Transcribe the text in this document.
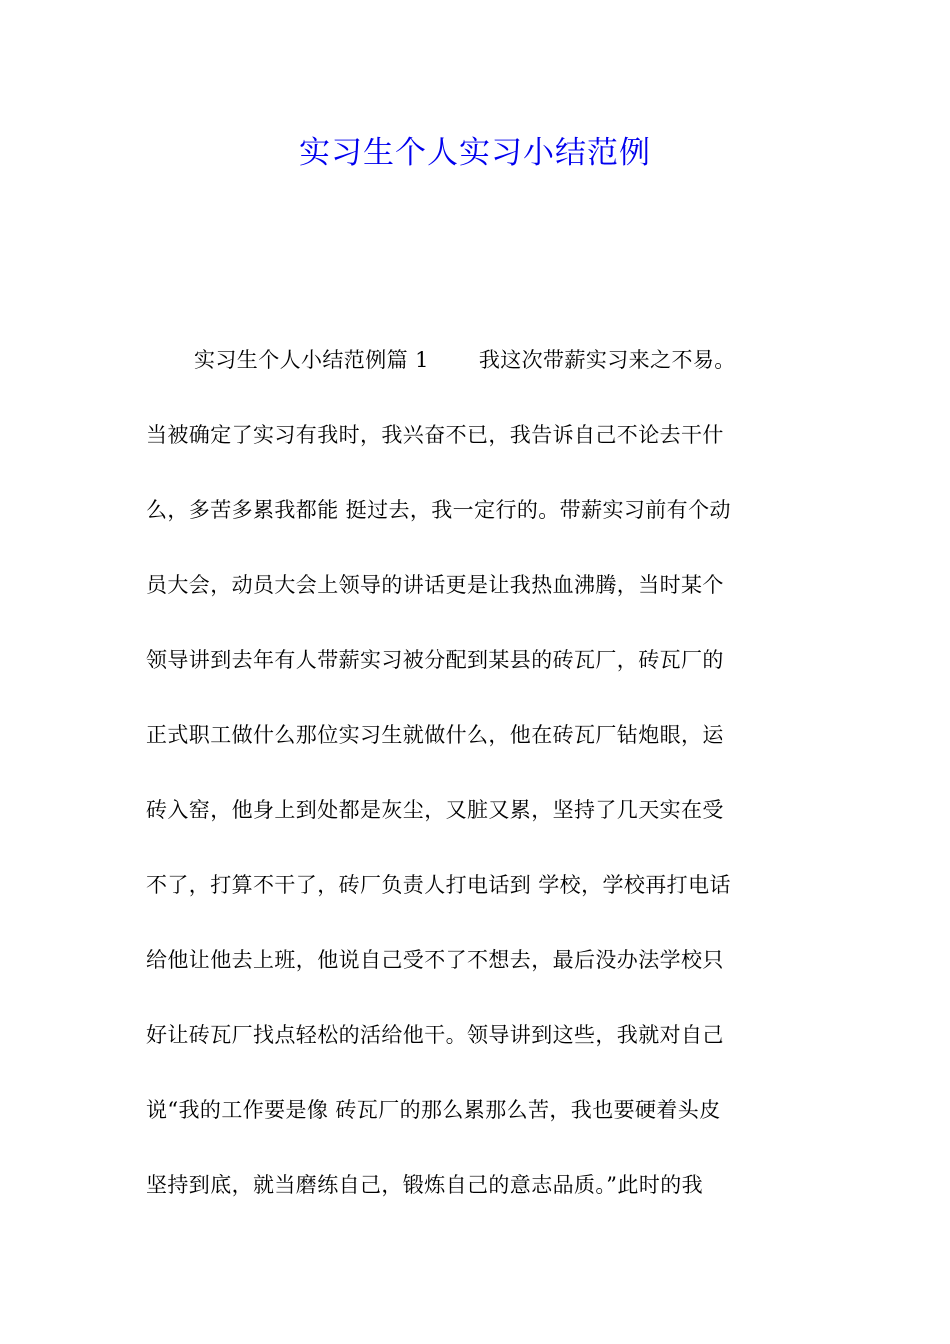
实习生个人实习小结范例
实习生个人小结范例篇 1 我这次带薪实习来之不易。
当被确定了实习有我时，我兴奋不已，我告诉自己不论去干什
么，多苦多累我都能 挺过去，我一定行的。带薪实习前有个动
员大会，动员大会上领导的讲话更是让我热血沸腾，当时某个
领导讲到去年有人带薪实习被分配到某县的砖瓦厂，砖瓦厂的
正式职工做什么那位实习生就做什么，他在砖瓦厂钻炮眼，运
砖入窑，他身上到处都是灰尘，又脏又累，坚持了几天实在受
不了，打算不干了，砖厂负责人打电话到 学校，学校再打电话
给他让他去上班，他说自己受不了不想去，最后没办法学校只
好让砖瓦厂找点轻松的活给他干。领导讲到这些，我就对自己
说“我的工作要是像 砖瓦厂的那么累那么苦，我也要硬着头皮
坚持到底，就当磨练自己，锻炼自己的意志品质。”此时的我
